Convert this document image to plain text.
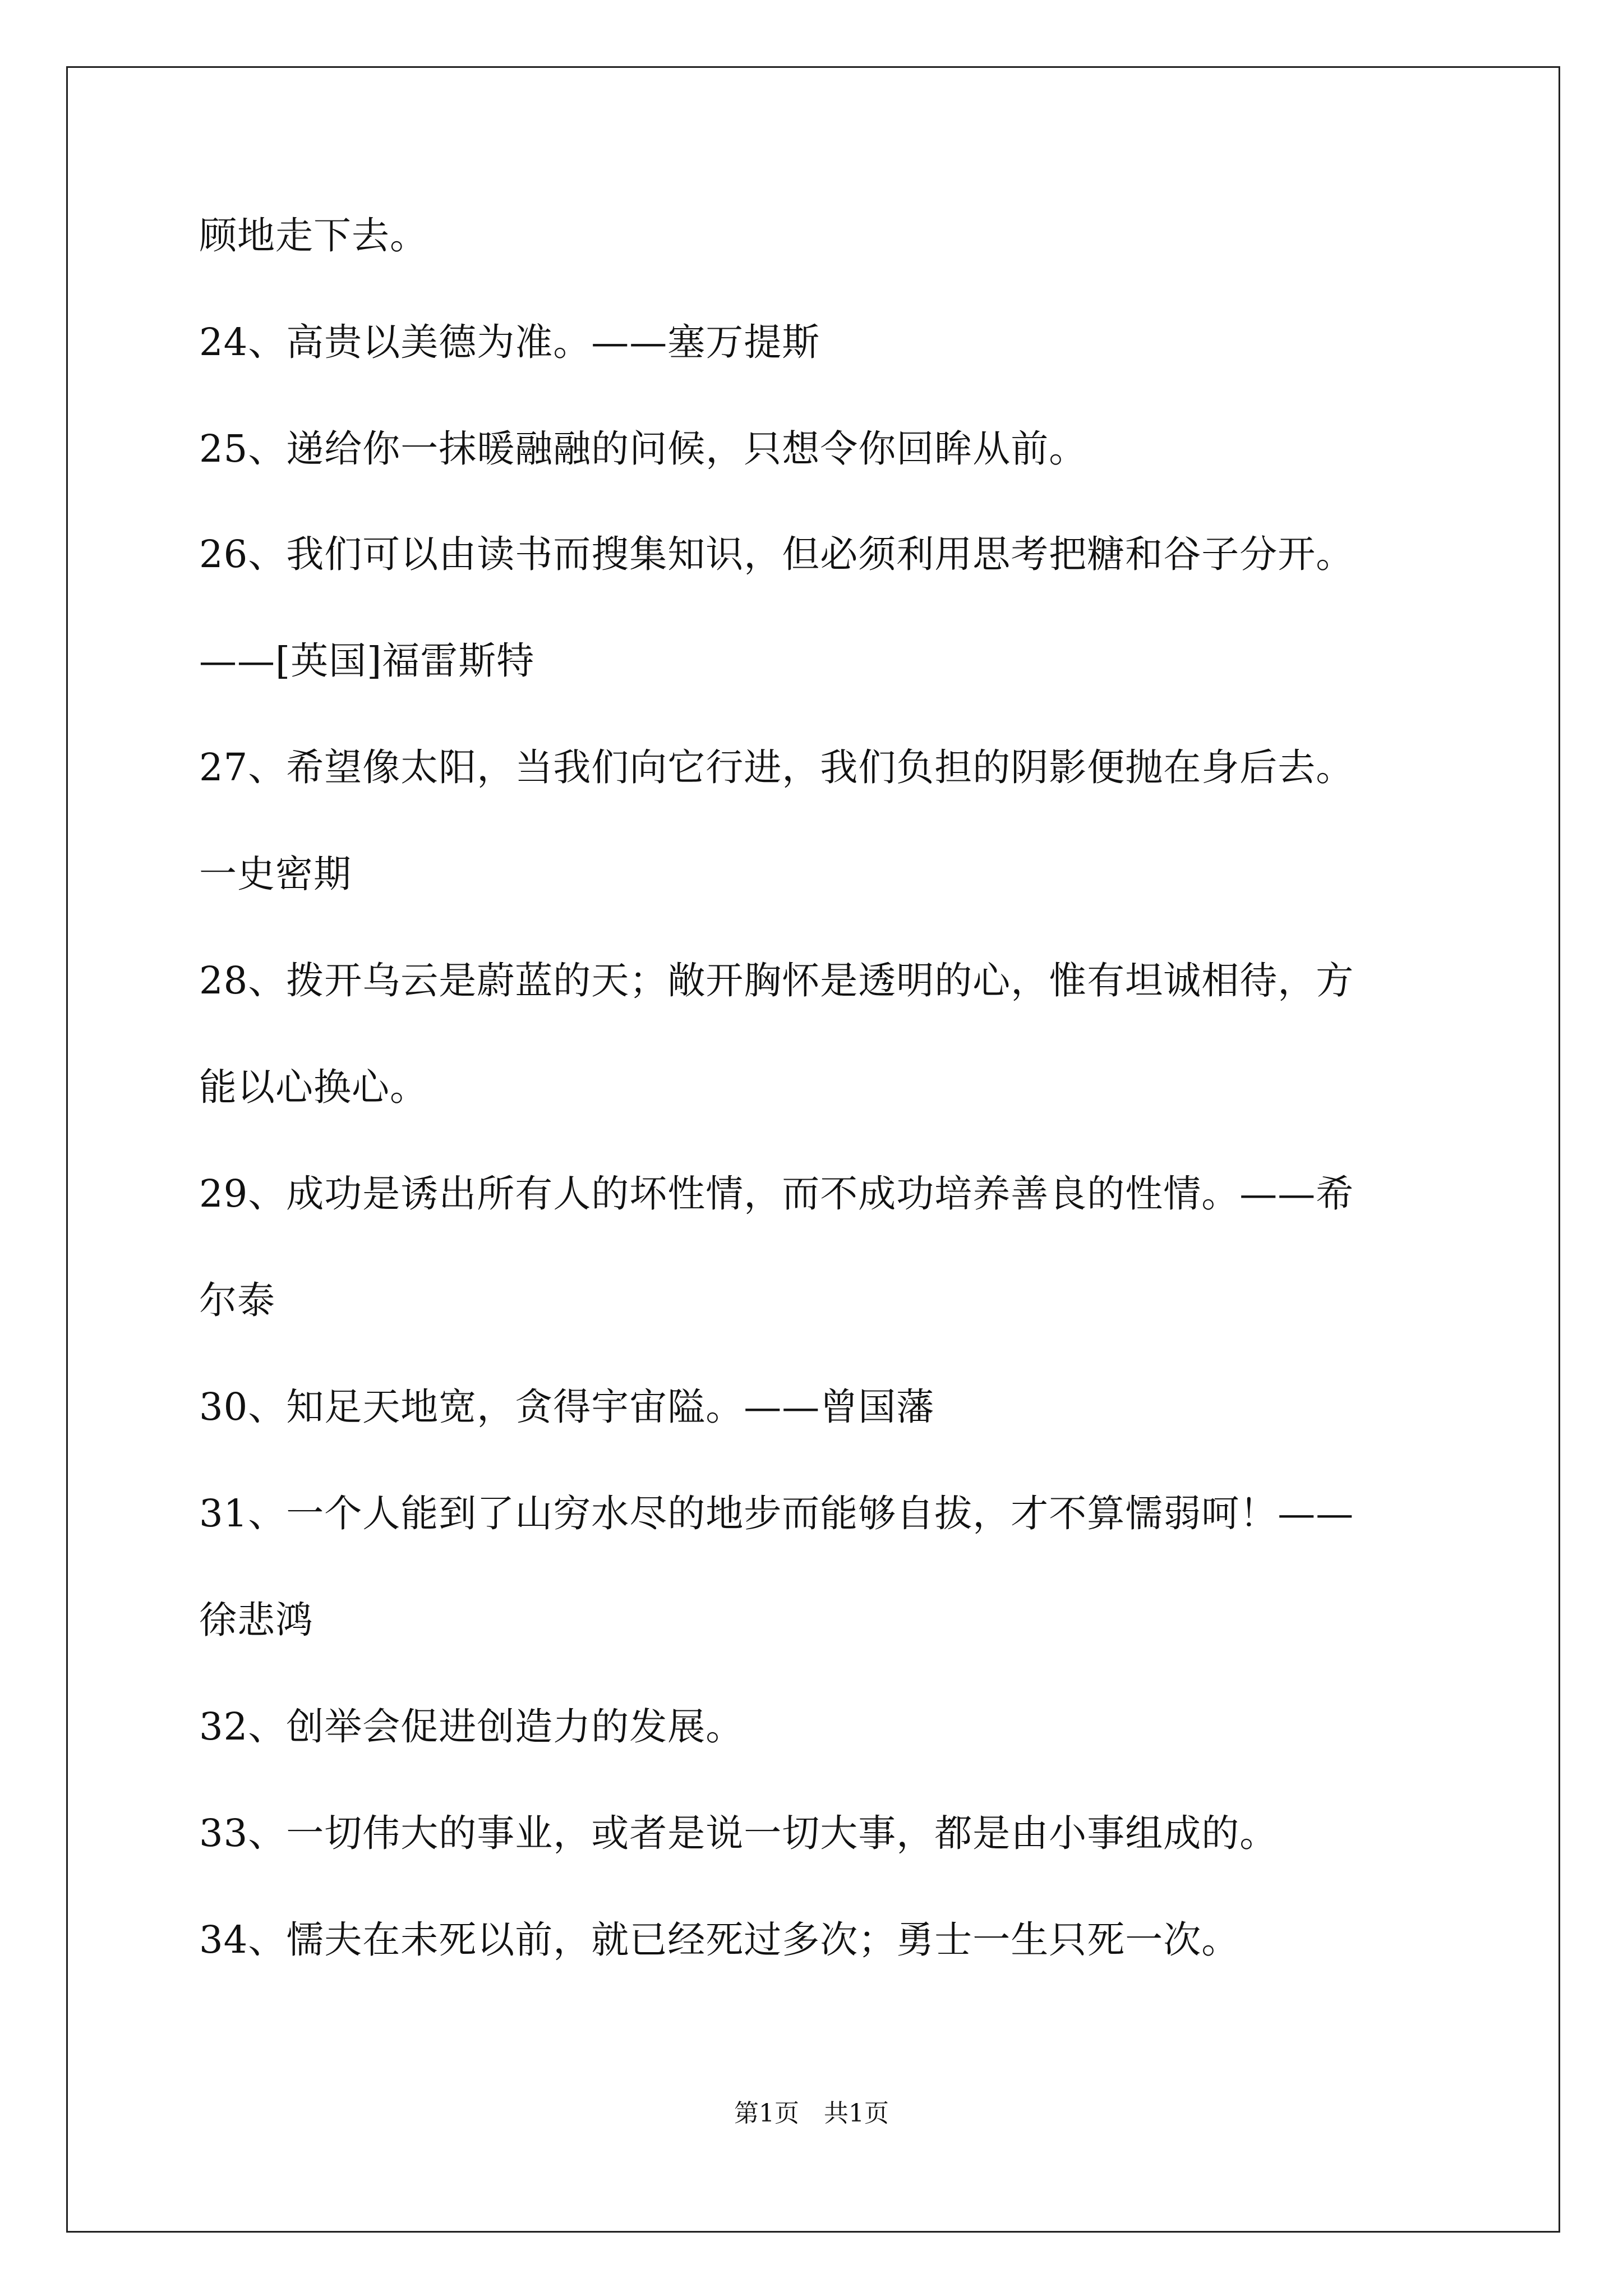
顾地走下去。
24、高贵以美德为准。——塞万提斯
25、递给你一抹暖融融的问候，只想令你回眸从前。
26、我们可以由读书而搜集知识，但必须利用思考把糖和谷子分开。
——[英国]福雷斯特
27、希望像太阳，当我们向它行进，我们负担的阴影便抛在身后去。
一史密期
28、拨开乌云是蔚蓝的天；敞开胸怀是透明的心，惟有坦诚相待，方
能以心换心。
29、成功是诱出所有人的坏性情，而不成功培养善良的性情。——希
尔泰
30、知足天地宽，贪得宇宙隘。——曾国藩
31、一个人能到了山穷水尽的地步而能够自拔，才不算懦弱呵！——
徐悲鸿
32、创举会促进创造力的发展。
33、一切伟大的事业，或者是说一切大事，都是由小事组成的。
34、懦夫在未死以前，就已经死过多次；勇士一生只死一次。
第1页　共1页
